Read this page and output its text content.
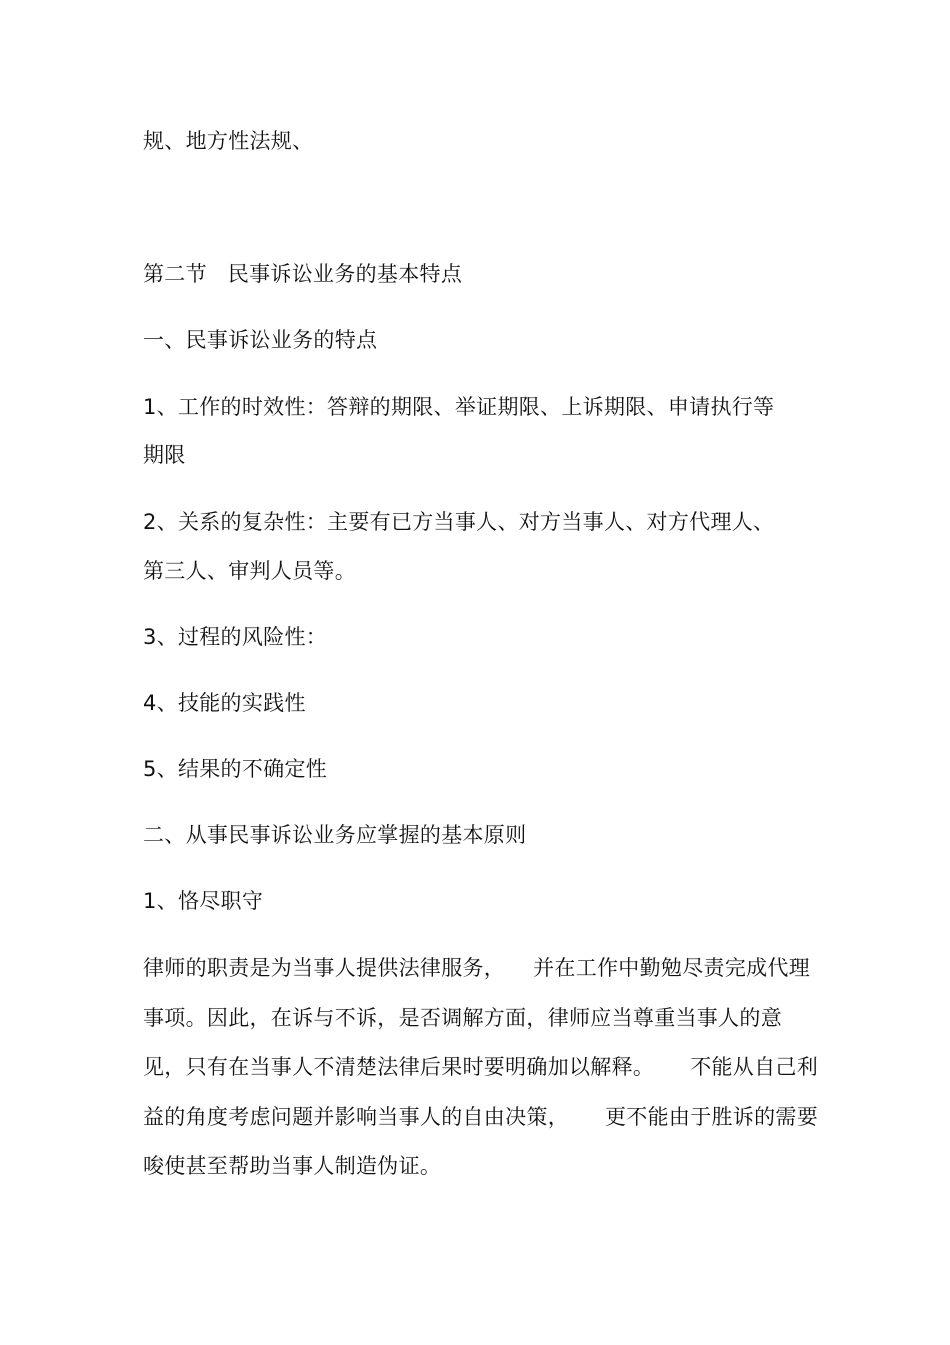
规、地方性法规、
第二节   民事诉讼业务的基本特点
一、民事诉讼业务的特点
1、工作的时效性：答辩的期限、举证期限、上诉期限、申请执行等
期限
2、关系的复杂性：主要有已方当事人、对方当事人、对方代理人、
第三人、审判人员等。
3、过程的风险性：
4、技能的实践性
5、结果的不确定性
二、从事民事诉讼业务应掌握的基本原则
1、恪尽职守
律师的职责是为当事人提供法律服务， 并在工作中勤勉尽责完成代理
事项。因此，在诉与不诉，是否调解方面，律师应当尊重当事人的意
见，只有在当事人不清楚法律后果时要明确加以解释。 不能从自己利
益的角度考虑问题并影响当事人的自由决策， 更不能由于胜诉的需要
唆使甚至帮助当事人制造伪证。
